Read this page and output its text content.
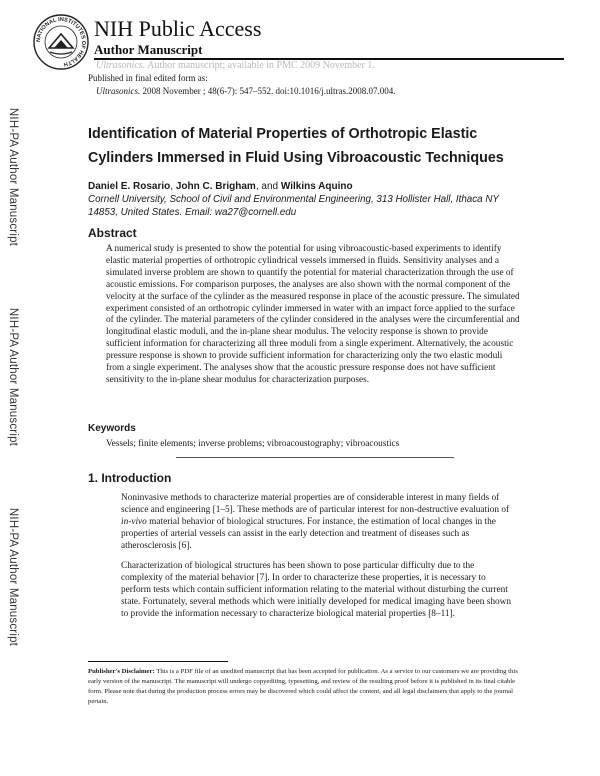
NATIONAL INSTITUTES OF HEALTH
NIH Public Access
Author Manuscript
Ultrasonics. Author manuscript; available in PMC 2009 November 1.
NIH-PA Author Manuscript
NIH-PA Author Manuscript
NIH-PA Author Manuscript
Published in final edited form as:
Ultrasonics. 2008 November ; 48(6-7): 547–552. doi:10.1016/j.ultras.2008.07.004.
Identification of Material Properties of Orthotropic Elastic Cylinders Immersed in Fluid Using Vibroacoustic Techniques
Daniel E. Rosario, John C. Brigham, and Wilkins Aquino
Cornell University, School of Civil and Environmental Engineering, 313 Hollister Hall, Ithaca NY 14853, United States. Email: wa27@cornell.edu
Abstract

A numerical study is presented to show the potential for using vibroacoustic-based experiments to identify elastic material properties of orthotropic cylindrical vessels immersed in fluids. Sensitivity analyses and a simulated inverse problem are shown to quantify the potential for material characterization through the use of acoustic emissions. For comparison purposes, the analyses are also shown with the normal component of the velocity at the surface of the cylinder as the measured response in place of the acoustic pressure. The simulated experiment consisted of an orthotropic cylinder immersed in water with an impact force applied to the surface of the cylinder. The material parameters of the cylinder considered in the analyses were the circumferential and longitudinal elastic moduli, and the in-plane shear modulus. The velocity response is shown to provide sufficient information for characterizing all three moduli from a single experiment. Alternatively, the acoustic pressure response is shown to provide sufficient information for characterizing only the two elastic moduli from a single experiment. The analyses show that the acoustic pressure response does not have sufficient sensitivity to the in-plane shear modulus for characterization purposes.

Keywords
Vessels; finite elements; inverse problems; vibroacoustography; vibroacoustics
1. Introduction

Noninvasive methods to characterize material properties are of considerable interest in many fields of science and engineering [1–5]. These methods are of particular interest for non-destructive evaluation of in-vivo material behavior of biological structures. For instance, the estimation of local changes in the properties of arterial vessels can assist in the early detection and treatment of diseases such as atherosclerosis [6].

Characterization of biological structures has been shown to pose particular difficulty due to the complexity of the material behavior [7]. In order to characterize these properties, it is necessary to perform tests which contain sufficient information relating to the material without disturbing the current state. Fortunately, several methods which were initially developed for medical imaging have been shown to provide the information necessary to characterize biological material properties [8–11].

Publisher's Disclaimer: This is a PDF file of an unedited manuscript that has been accepted for publication. As a service to our customers we are providing this early version of the manuscript. The manuscript will undergo copyediting, typesetting, and review of the resulting proof before it is published in its final citable form. Please note that during the production process errors may be discovered which could affect the content, and all legal disclaimers that apply to the journal pertain.
